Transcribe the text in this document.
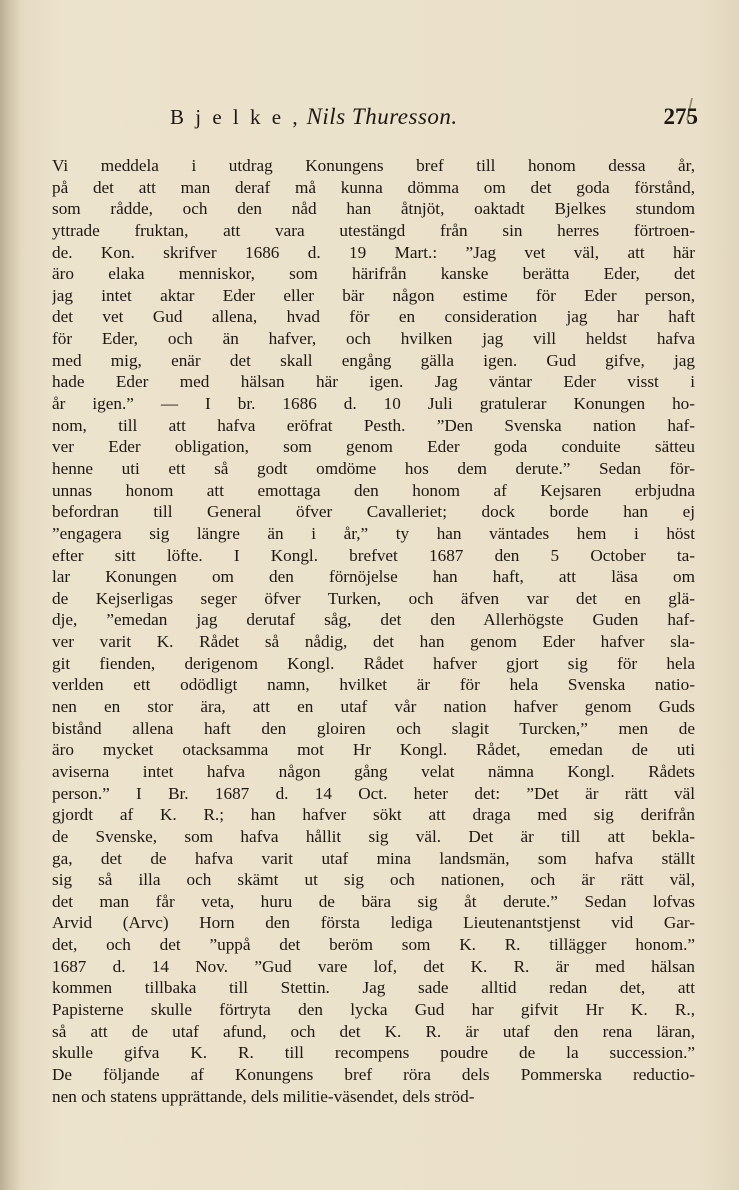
B j e l k e , Nils Thuresson.	275
Vi meddela i utdrag Konungens bref till honom dessa år,
på det att man deraf må kunna dömma om det goda förstånd,
som rådde, och den nåd han åtnjöt, oaktadt Bjelkes stundom
yttrade fruktan, att vara utestängd från sin herres förtroen-
de. Kon. skrifver 1686 d. 19 Mart.: ”Jag vet väl, att här
äro elaka menniskor, som härifrån kanske berätta Eder, det
jag intet aktar Eder eller bär någon estime för Eder person,
det vet Gud allena, hvad för en consideration jag har haft
för Eder, och än hafver, och hvilken jag vill heldst hafva
med mig, enär det skall engång gälla igen. Gud gifve, jag
hade Eder med hälsan här igen. Jag väntar Eder visst i
år igen.” — I br. 1686 d. 10 Juli gratulerar Konungen ho-
nom, till att hafva eröfrat Pesth. ”Den Svenska nation haf-
ver Eder obligation, som genom Eder goda conduite sätteu
henne uti ett så godt omdöme hos dem derute.” Sedan för-
unnas honom att emottaga den honom af Kejsaren erbjudna
befordran till General öfver Cavalleriet; dock borde han ej
”engagera sig längre än i år,” ty han väntades hem i höst
efter sitt löfte. I Kongl. brefvet 1687 den 5 October ta-
lar Konungen om den förnöjelse han haft, att läsa om
de Kejserligas seger öfver Turken, och äfven var det en glä-
dje, ”emedan jag derutaf såg, det den Allerhögste Guden haf-
ver varit K. Rådet så nådig, det han genom Eder hafver sla-
git fienden, derigenom Kongl. Rådet hafver gjort sig för hela
verlden ett odödligt namn, hvilket är för hela Svenska natio-
nen en stor ära, att en utaf vår nation hafver genom Guds
bistånd allena haft den gloiren och slagit Turcken,” men de
äro mycket otacksamma mot Hr Kongl. Rådet, emedan de uti
aviserna intet hafva någon gång velat nämna Kongl. Rådets
person.” I Br. 1687 d. 14 Oct. heter det: ”Det är rätt väl
gjordt af K. R.; han hafver sökt att draga med sig derifrån
de Svenske, som hafva hållit sig väl. Det är till att bekla-
ga, det de hafva varit utaf mina landsmän, som hafva ställt
sig så illa och skämt ut sig och nationen, och är rätt väl,
det man får veta, huru de bära sig åt derute.” Sedan lofvas
Arvid (Arvc) Horn den första lediga Lieutenantstjenst vid Gar-
det, och det ”uppå det beröm som K. R. tillägger honom.”
1687 d. 14 Nov. ”Gud vare lof, det K. R. är med hälsan
kommen tillbaka till Stettin. Jag sade alltid redan det, att
Papisterne skulle förtryta den lycka Gud har gifvit Hr K. R.,
så att de utaf afund, och det K. R. är utaf den rena läran,
skulle gifva K. R. till recompens poudre de la succession.”
De följande af Konungens bref röra dels Pommerska reductio-
nen och statens upprättande, dels militie-väsendet, dels ströd-
